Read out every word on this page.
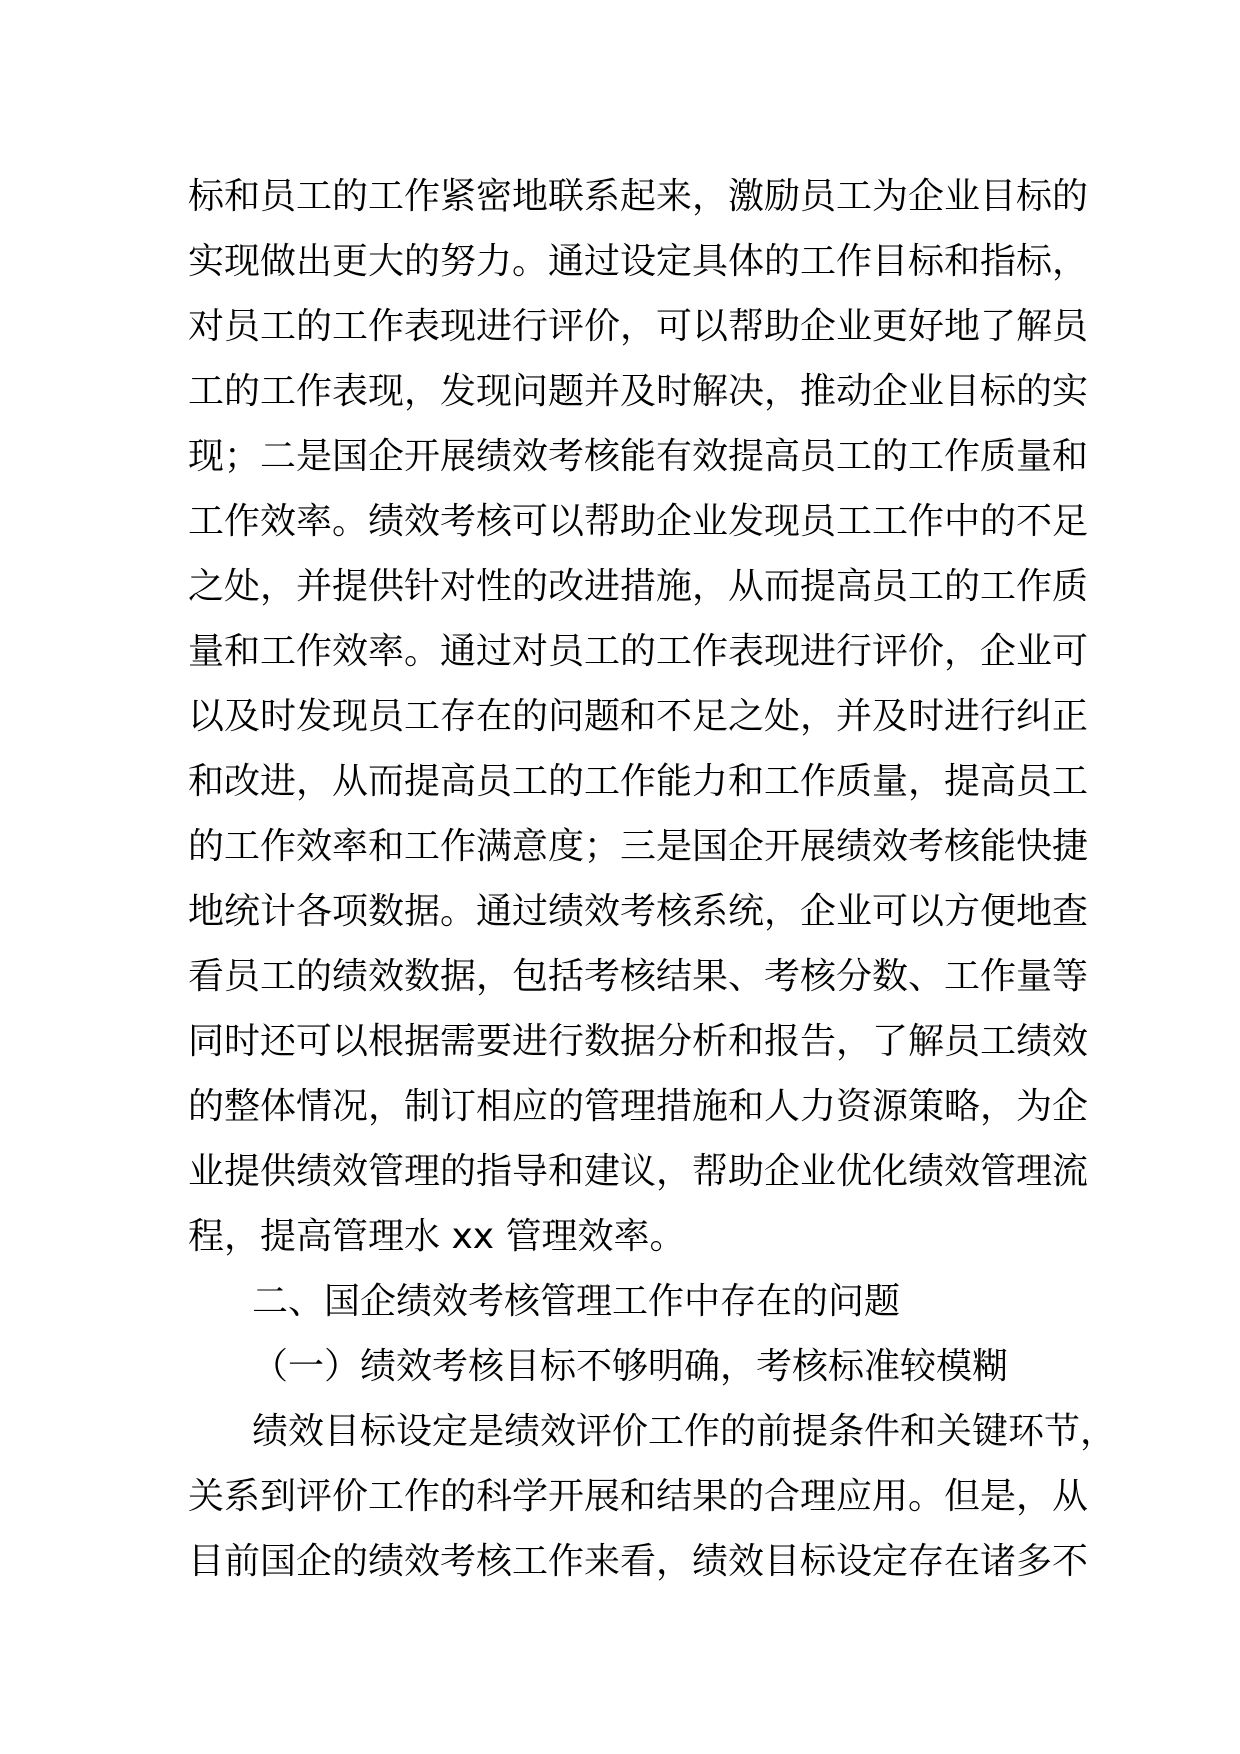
标和员工的工作紧密地联系起来，激励员工为企业目标的
实现做出更大的努力。通过设定具体的工作目标和指标，
对员工的工作表现进行评价，可以帮助企业更好地了解员
工的工作表现，发现问题并及时解决，推动企业目标的实
现；二是国企开展绩效考核能有效提高员工的工作质量和
工作效率。绩效考核可以帮助企业发现员工工作中的不足
之处，并提供针对性的改进措施，从而提高员工的工作质
量和工作效率。通过对员工的工作表现进行评价，企业可
以及时发现员工存在的问题和不足之处，并及时进行纠正
和改进，从而提高员工的工作能力和工作质量，提高员工
的工作效率和工作满意度；三是国企开展绩效考核能快捷
地统计各项数据。通过绩效考核系统，企业可以方便地查
看员工的绩效数据，包括考核结果、考核分数、工作量等
同时还可以根据需要进行数据分析和报告，了解员工绩效
的整体情况，制订相应的管理措施和人力资源策略，为企
业提供绩效管理的指导和建议，帮助企业优化绩效管理流
程，提高管理水 xx 管理效率。
二、国企绩效考核管理工作中存在的问题
（一）绩效考核目标不够明确，考核标准较模糊
绩效目标设定是绩效评价工作的前提条件和关键环节，
关系到评价工作的科学开展和结果的合理应用。但是，从
目前国企的绩效考核工作来看，绩效目标设定存在诸多不
